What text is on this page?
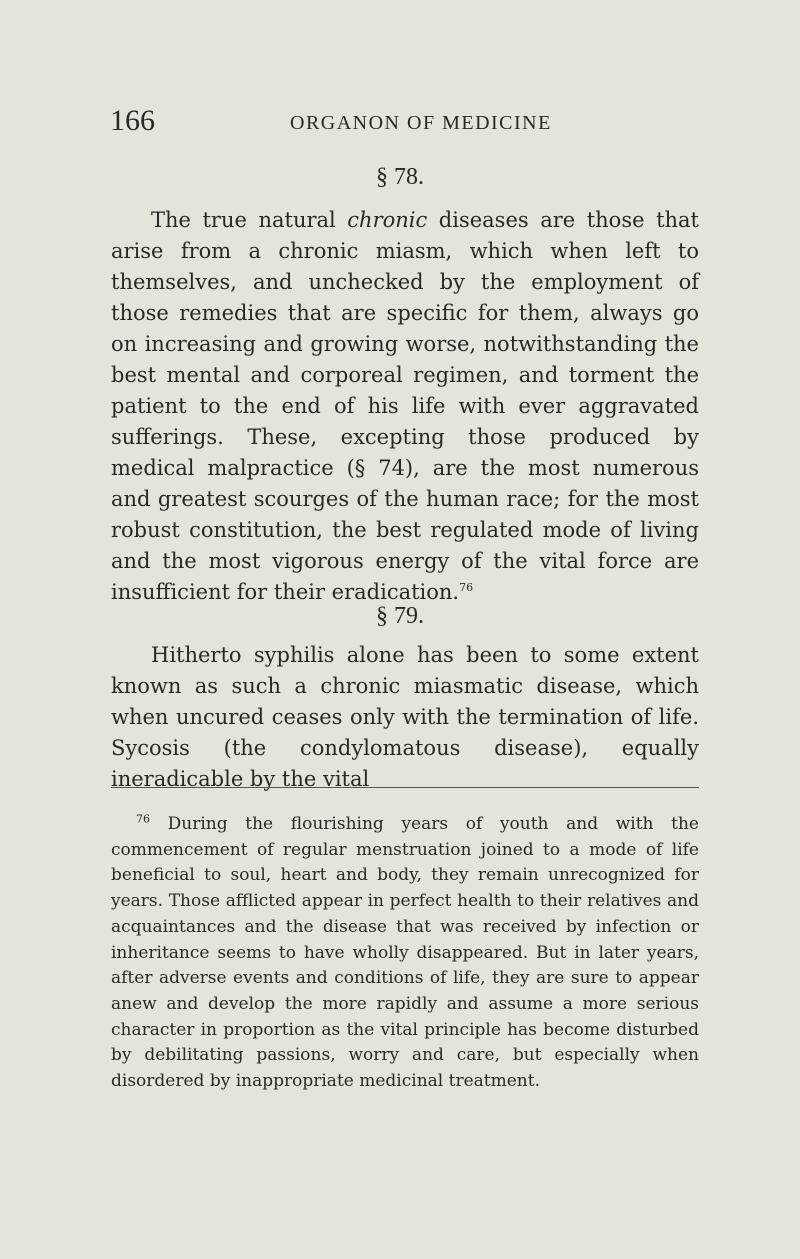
166	ORGANON OF MEDICINE
§ 78.

The true natural chronic diseases are those that arise from a chronic miasm, which when left to themselves, and unchecked by the employment of those remedies that are specific for them, always go on increasing and growing worse, notwithstanding the best mental and corporeal regimen, and torment the patient to the end of his life with ever aggravated sufferings. These, excepting those produced by medical malpractice (§ 74), are the most numerous and greatest scourges of the human race; for the most robust constitution, the best regulated mode of living and the most vigorous energy of the vital force are insufficient for their eradication.$^{76}$

§ 79.

Hitherto syphilis alone has been to some extent known as such a chronic miasmatic disease, which when uncured ceases only with the termination of life. Sycosis (the condylomatous disease), equally ineradicable by the vital

$^{76}$ During the flourishing years of youth and with the commencement of regular menstruation joined to a mode of life beneficial to soul, heart and body, they remain unrecognized for years. Those afflicted appear in perfect health to their relatives and acquaintances and the disease that was received by infection or inheritance seems to have wholly disappeared. But in later years, after adverse events and conditions of life, they are sure to appear anew and develop the more rapidly and assume a more serious character in proportion as the vital principle has become disturbed by debilitating passions, worry and care, but especially when disordered by inappropriate medicinal treatment.
